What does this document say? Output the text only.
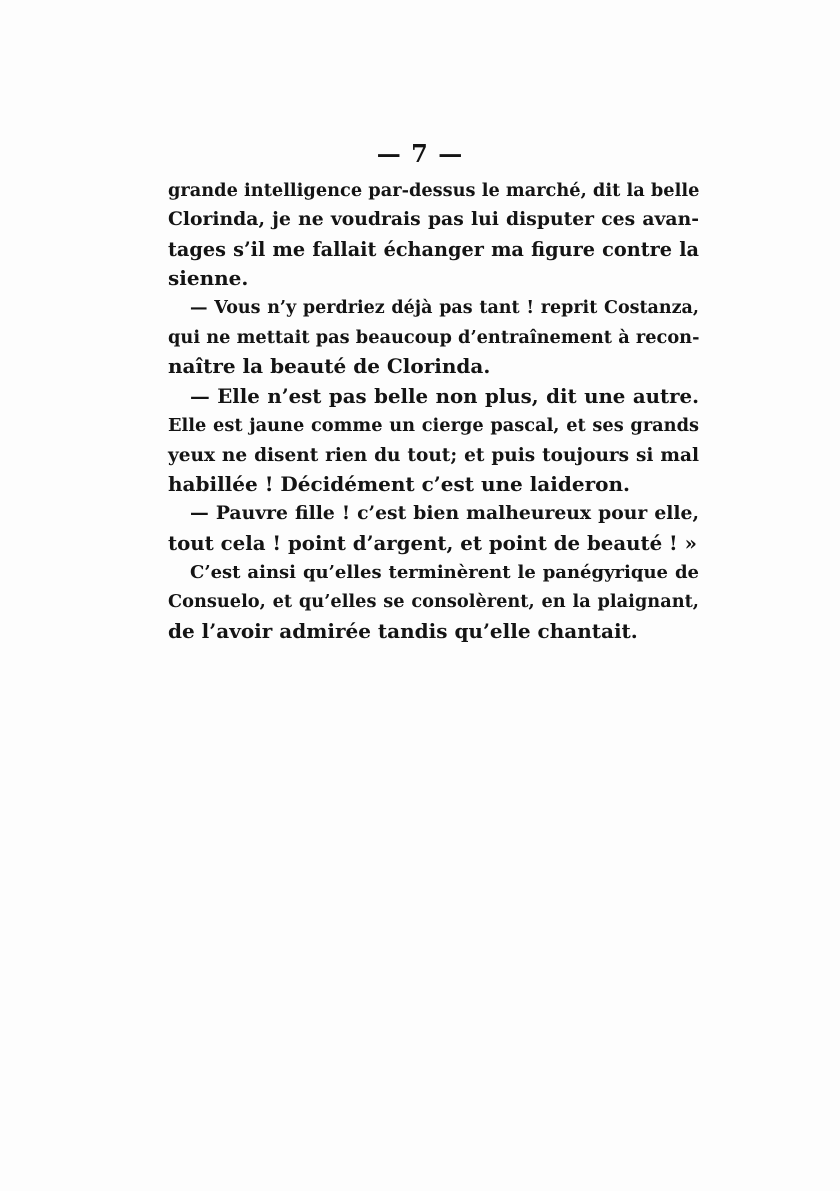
— 7 —
grande intelligence par-dessus le marché, dit la belle
Clorinda, je ne voudrais pas lui disputer ces avan-
tages s’il me fallait échanger ma figure contre la
sienne.
— Vous n’y perdriez déjà pas tant ! reprit Costanza,
qui ne mettait pas beaucoup d’entraînement à recon-
naître la beauté de Clorinda.
— Elle n’est pas belle non plus, dit une autre.
Elle est jaune comme un cierge pascal, et ses grands
yeux ne disent rien du tout; et puis toujours si mal
habillée ! Décidément c’est une laideron.
— Pauvre fille ! c’est bien malheureux pour elle,
tout cela ! point d’argent, et point de beauté ! »
C’est ainsi qu’elles terminèrent le panégyrique de
Consuelo, et qu’elles se consolèrent, en la plaignant,
de l’avoir admirée tandis qu’elle chantait.
